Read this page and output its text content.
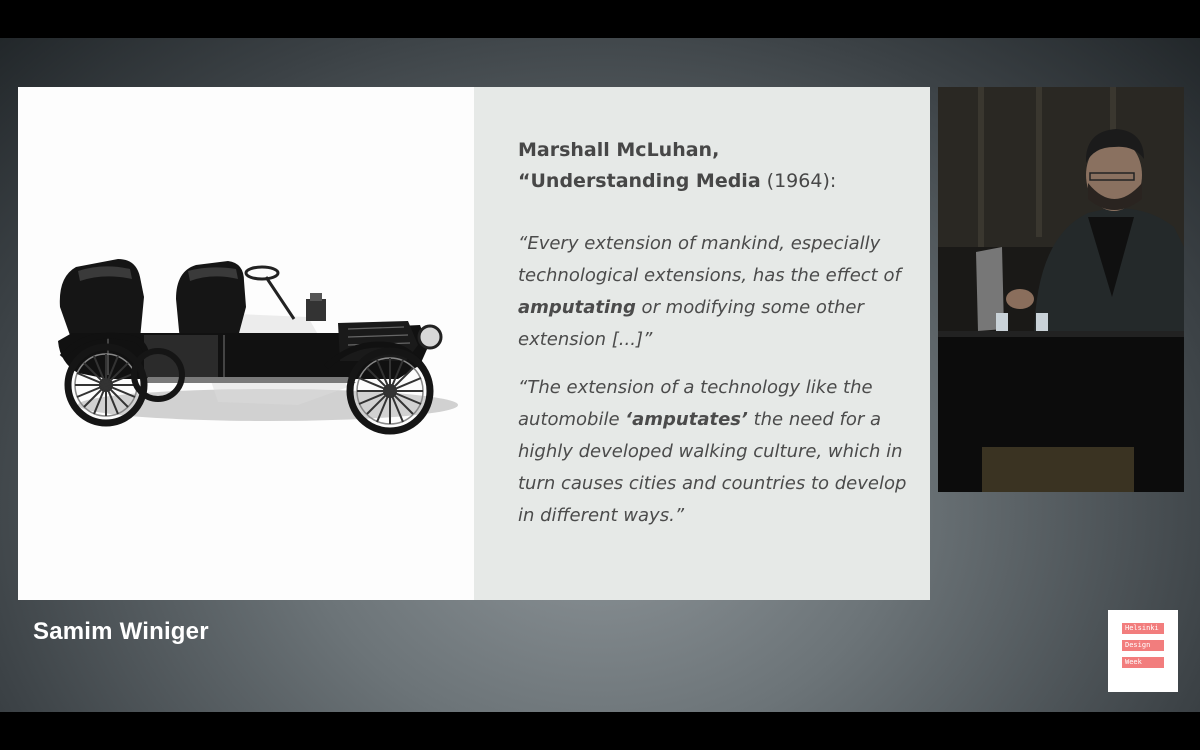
Marshall McLuhan,
“Understanding Media (1964):
“Every extension of mankind, especially technological extensions, has the effect of amputating or modifying some other extension [...]”
“The extension of a technology like the automobile ‘amputates’ the need for a highly developed walking culture, which in turn causes cities and countries to develop in different ways.”
Samim Winiger	Helsinki
Design
Week
